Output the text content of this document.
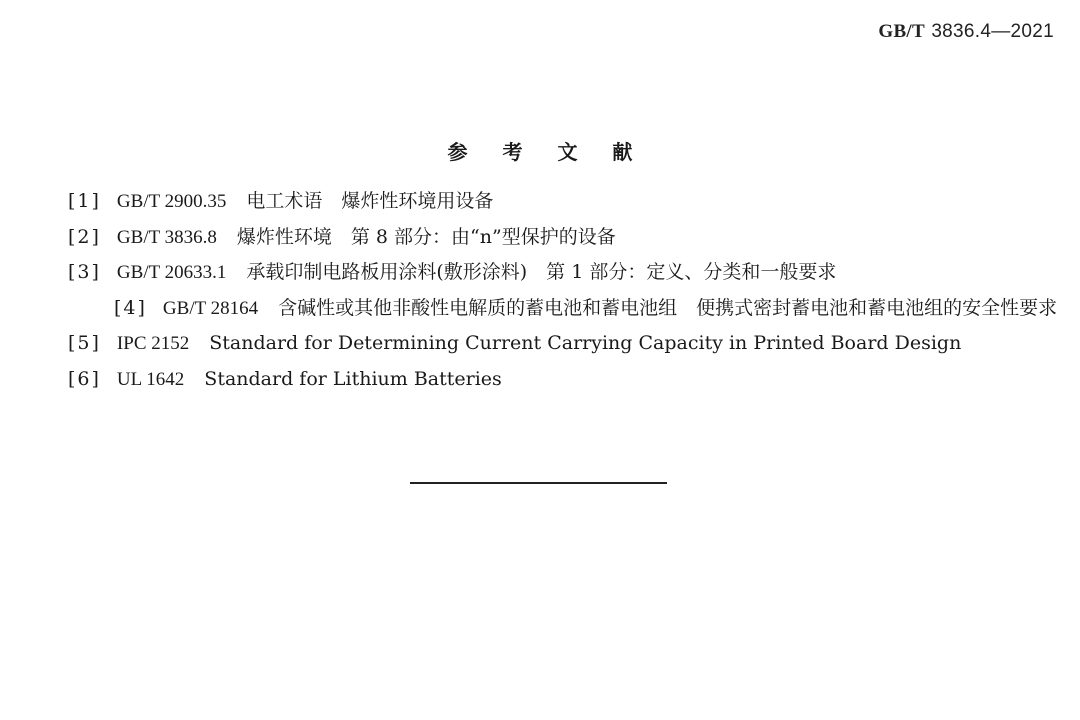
GB/T 3836.4—2021
参 考 文 献
[1] GB/T 2900.35 电工术语　爆炸性环境用设备
[2] GB/T 3836.8 爆炸性环境　第 8 部分：由“n”型保护的设备
[3] GB/T 20633.1 承载印制电路板用涂料(敷形涂料)　第 1 部分：定义、分类和一般要求
[4] GB/T 28164 含碱性或其他非酸性电解质的蓄电池和蓄电池组　便携式密封蓄电池和蓄电池组的安全性要求
[5] IPC 2152 Standard for Determining Current Carrying Capacity in Printed Board Design
[6] UL 1642 Standard for Lithium Batteries
